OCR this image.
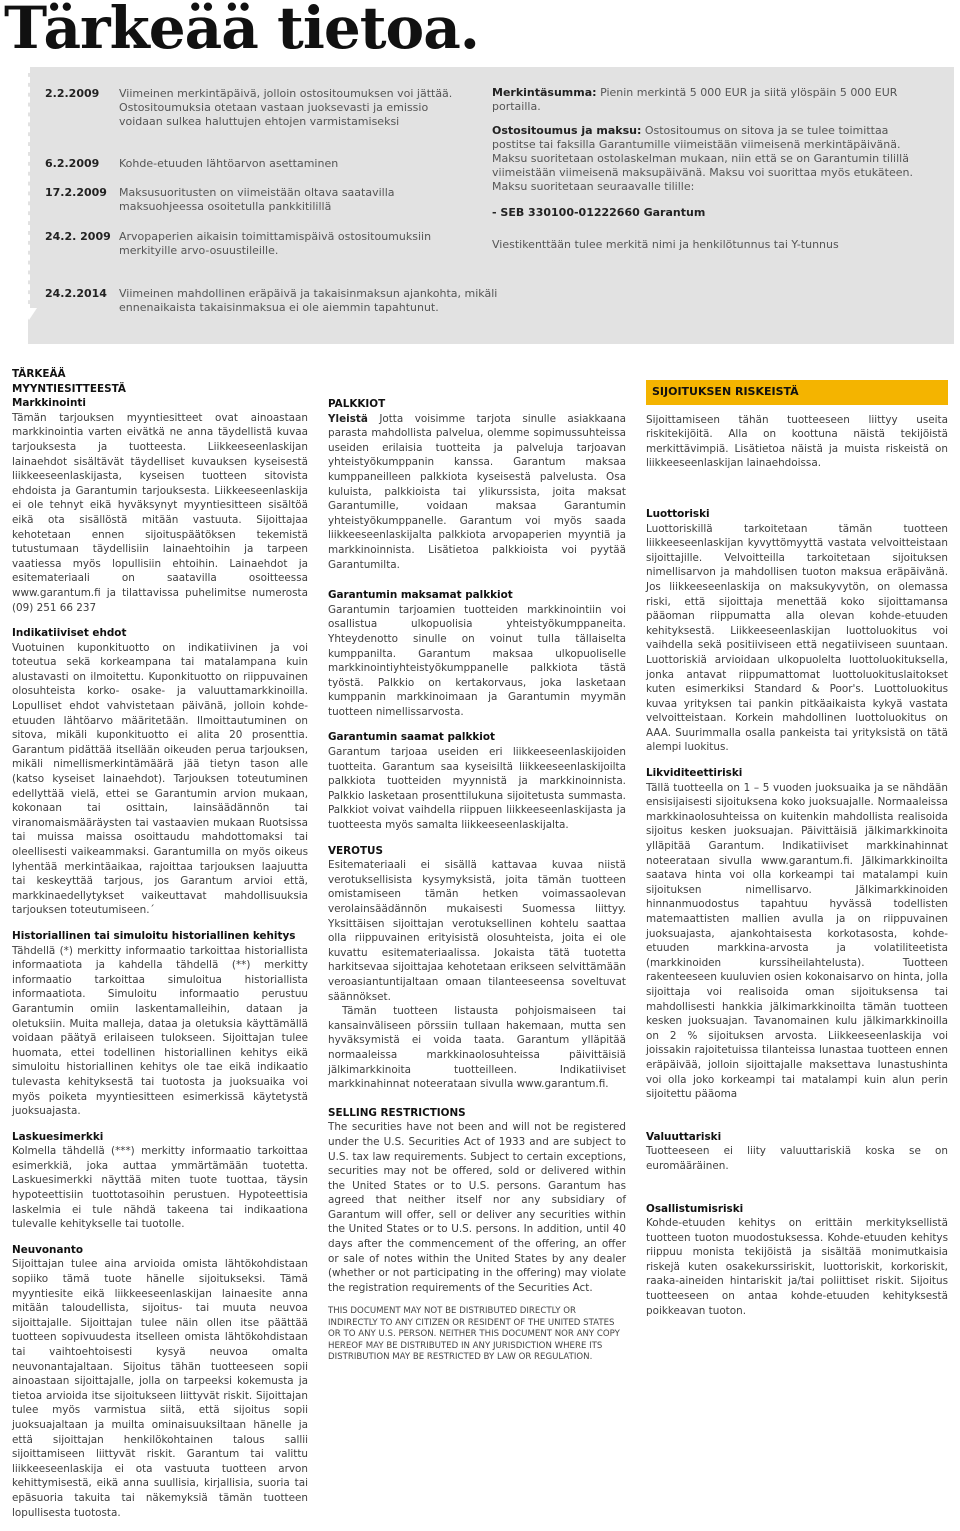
Tärkeää tietoa.
2.2.2009	Viimeinen merkintäpäivä, jolloin ostositoumuksen voi jättää. Ostositoumuksia otetaan vastaan juoksevasti ja emissio voidaan sulkea haluttujen ehtojen varmistamiseksi
6.2.2009	Kohde-etuuden lähtöarvon asettaminen
17.2.2009	Maksusuoritusten on viimeistään oltava saatavilla maksuohjeessa osoitetulla pankkitilillä
24.2. 2009 Arvopaperien aikaisin toimittamispäivä ostositoumuksiin merkityille arvo-osuustileille.
24.2.2014	Viimeinen mahdollinen eräpäivä ja takaisinmaksun ajankohta, mikäli ennenaikaista takaisinmaksua ei ole aiemmin tapahtunut.

Merkintäsumma: Pienin merkintä 5 000 EUR ja siitä ylöspäin 5 000 EUR portailla.

Ostositoumus ja maksu: Ostositoumus on sitova ja se tulee toimittaa postitse tai faksilla Garantumille viimeistään viimeisenä merkintäpäivänä. Maksu suoritetaan ostolaskelman mukaan, niin että se on Garantumin tilillä viimeistään viimeisenä maksupäivänä. Maksu voi suorittaa myös etukäteen. Maksu suoritetaan seuraavalle tilille:

- SEB 330100-01222660 Garantum

Viestikenttään tulee merkitä nimi ja henkilötunnus tai Y-tunnus

TÄRKEÄÄ
MYYNTIESITTEESTÄ

Markkinointi
Tämän tarjouksen myyntiesitteet ovat ainoastaan markkinointia varten eivätkä ne anna täydellistä kuvaa tarjouksesta ja tuotteesta. Liikkeeseenlaskijan lainaehdot sisältävät täydelliset kuvauksen kyseisestä liikkeeseenlaskijasta, kyseisen tuotteen sitovista ehdoista ja Garantumin tarjouksesta. Liikkeeseenlaskija ei ole tehnyt eikä hyväksynyt myyntiesitteen sisältöä eikä ota sisällöstä mitään vastuuta. Sijoittajaa kehotetaan ennen sijoituspäätöksen tekemistä tutustumaan täydellisiin lainaehtoihin ja tarpeen vaatiessa myös lopullisiin ehtoihin. Lainaehdot ja esitemateriaali on saatavilla osoitteessa www.garantum.fi ja tilattavissa puhelimitse numerosta (09) 251 66 237

Indikatiiviset ehdot
Vuotuinen kuponkituotto on indikatiivinen ja voi toteutua sekä korkeampana tai matalampana kuin alustavasti on ilmoitettu. Kuponkituotto on riippuvainen olosuhteista korko- osake- ja valuuttamarkkinoilla. Lopulliset ehdot vahvistetaan päivänä, jolloin kohde-etuuden lähtöarvo määritetään. Ilmoittautuminen on sitova, mikäli kuponkituotto ei alita 20 prosenttia. Garantum pidättää itsellään oikeuden perua tarjouksen, mikäli nimellismerkintämäärä jää tietyn tason alle (katso kyseiset lainaehdot). Tarjouksen toteutuminen edellyttää vielä, ettei se Garantumin arvion mukaan, kokonaan tai osittain, lainsäädännön tai viranomaismääräysten tai vastaavien mukaan Ruotsissa tai muissa maissa osoittaudu mahdottomaksi tai oleellisesti vaikeammaksi. Garantumilla on myös oikeus lyhentää merkintäaikaa, rajoittaa tarjouksen laajuutta tai keskeyttää tarjous, jos Garantum arvioi että, markkinaedellytykset vaikeuttavat mahdollisuuksia tarjouksen toteutumiseen.´

Historiallinen tai simuloitu historiallinen kehitys
Tähdellä (*) merkitty informaatio tarkoittaa historiallista informaatiota ja kahdella tähdellä (**) merkitty informaatio tarkoittaa simuloitua historiallista informaatiota. Simuloitu informaatio perustuu Garantumin omiin laskentamalleihin, dataan ja oletuksiin. Muita malleja, dataa ja oletuksia käyttämällä voidaan päätyä erilaiseen tulokseen. Sijoittajan tulee huomata, ettei todellinen historiallinen kehitys eikä simuloitu historiallinen kehitys ole tae eikä indikaatio tulevasta kehityksestä tai tuotosta ja juoksuaika voi myös poiketa myyntiesitteen esimerkissä käytetystä juoksuajasta.

Laskuesimerkki
Kolmella tähdellä (***) merkitty informaatio tarkoittaa esimerkkiä, joka auttaa ymmärtämään tuotetta. Laskuesimerkki näyttää miten tuote tuottaa, täysin hypoteettisiin tuottotasoihin perustuen. Hypoteettisia laskelmia ei tule nähdä takeena tai indikaationa tulevalle kehitykselle tai tuotolle.

Neuvonanto
Sijoittajan tulee aina arvioida omista lähtökohdistaan sopiiko tämä tuote hänelle sijoitukseksi. Tämä myyntiesite eikä liikkeeseenlaskijan lainaesite anna mitään taloudellista, sijoitus- tai muuta neuvoa sijoittajalle. Sijoittajan tulee näin ollen itse päättää tuotteen sopivuudesta itselleen omista lähtökohdistaan tai vaihtoehtoisesti kysyä neuvoa omalta neuvonantajaltaan. Sijoitus tähän tuotteeseen sopii ainoastaan sijoittajalle, jolla on tarpeeksi kokemusta ja tietoa arvioida itse sijoitukseen liittyvät riskit. Sijoittajan tulee myös varmistua siitä, että sijoitus sopii juoksuajaltaan ja muilta ominaisuuksiltaan hänelle ja että sijoittajan henkilökohtainen talous sallii sijoittamiseen liittyvät riskit. Garantum tai valittu liikkeeseenlaskija ei ota vastuuta tuotteen arvon kehittymisestä, eikä anna suullisia, kirjallisia, suoria tai epäsuoria takuita tai näkemyksiä tämän tuotteen lopullisesta tuotosta.

PALKKIOT
Yleistä Jotta voisimme tarjota sinulle asiakkaana parasta mahdollista palvelua, olemme sopimussuhteissa useiden erilaisia tuotteita ja palveluja tarjoavan yhteistyökumppanin kanssa. Garantum maksaa kumppaneilleen palkkiota kyseisestä palvelusta. Osa kuluista, palkkioista tai ylikurssista, joita maksat Garantumille, voidaan maksaa Garantumin yhteistyökumppanelle. Garantum voi myös saada liikkeeseenlaskijalta palkkiota arvopaperien myyntiä ja markkinoinnista. Lisätietoa palkkioista voi pyytää Garantumilta.

Garantumin maksamat palkkiot
Garantumin tarjoamien tuotteiden markkinointiin voi osallistua ulkopuolisia yhteistyökumppaneita. Yhteydenotto sinulle on voinut tulla tällaiselta kumppanilta. Garantum maksaa ulkopuoliselle markkinointiyhteistyökumppanelle palkkiota tästä työstä. Palkkio on kertakorvaus, joka lasketaan kumppanin markkinoimaan ja Garantumin myymän tuotteen nimellissarvosta.

Garantumin saamat palkkiot
Garantum tarjoaa useiden eri liikkeeseenlaskijoiden tuotteita. Garantum saa kyseisiltä liikkeeseenlaskijoilta palkkiota tuotteiden myynnistä ja markkinoinnista. Palkkio lasketaan prosenttilukuna sijoitetusta summasta. Palkkiot voivat vaihdella riippuen liikkeeseenlaskijasta ja tuotteesta myös samalta liikkeeseenlaskijalta.

VEROTUS
Esitemateriaali ei sisällä kattavaa kuvaa niistä verotuksellisista kysymyksistä, joita tämän tuotteen omistamiseen tämän hetken voimassaolevan verolainsäädännön mukaisesti Suomessa liittyy. Yksittäisen sijoittajan verotuksellinen kohtelu saattaa olla riippuvainen erityisistä olosuhteista, joita ei ole kuvattu esitemateriaalissa. Jokaista tätä tuotetta harkitsevaa sijoittajaa kehotetaan erikseen selvittämään veroasiantuntijaltaan omaan tilanteeseensa soveltuvat säännökset.

Tämän tuotteen listausta pohjoismaiseen tai kansainväliseen pörssiin tullaan hakemaan, mutta sen hyväksymistä ei voida taata. Garantum ylläpitää normaaleissa markkinaolosuhteissa päivittäisiä jälkimarkkinoita tuotteilleen. Indikatiiviset markkinahinnat noteerataan sivulla www.garantum.fi.

SELLING RESTRICTIONS
The securities have not been and will not be registered under the U.S. Securities Act of 1933 and are subject to U.S. tax law requirements. Subject to certain exceptions, securities may not be offered, sold or delivered within the United States or to U.S. persons. Garantum has agreed that neither itself nor any subsidiary of Garantum will offer, sell or deliver any securities within the United States or to U.S. persons. In addition, until 40 days after the commencement of the offering, an offer or sale of notes within the United States by any dealer (whether or not participating in the offering) may violate the registration requirements of the Securities Act.

THIS DOCUMENT MAY NOT BE DISTRIBUTED DIRECTLY OR INDIRECTLY TO ANY CITIZEN OR RESIDENT OF THE UNITED STATES OR TO ANY U.S. PERSON. NEITHER THIS DOCUMENT NOR ANY COPY HEREOF MAY BE DISTRIBUTED IN ANY JURISDICTION WHERE ITS DISTRIBUTION MAY BE RESTRICTED BY LAW OR REGULATION.

SIJOITUKSEN RISKEISTÄ

Sijoittamiseen tähän tuotteeseen liittyy useita riskitekijöitä. Alla on koottuna näistä tekijöistä merkittävimpiä. Lisätietoa näistä ja muista riskeistä on liikkeeseenlaskijan lainaehdoissa.

Luottoriski
Luottoriskillä tarkoitetaan tämän tuotteen liikkeeseenlaskijan kyvyttömyyttä vastata velvoitteistaan sijoittajille. Velvoitteilla tarkoitetaan sijoituksen nimellisarvon ja mahdollisen tuoton maksua eräpäivänä. Jos liikkeeseenlaskija on maksukyvytön, on olemassa riski, että sijoittaja menettää koko sijoittamansa pääoman riippumatta alla olevan kohde-etuuden kehityksestä. Liikkeeseenlaskijan luottoluokitus voi vaihdella sekä positiiviseen että negatiiviseen suuntaan. Luottoriskiä arvioidaan ulkopuolelta luottoluokituksella, jonka antavat riippumattomat luottoluokituslaitokset kuten esimerkiksi Standard & Poor's. Luottoluokitus kuvaa yrityksen tai pankin pitkäaikaista kykyä vastata velvoitteistaan. Korkein mahdollinen luottoluokitus on AAA. Suurimmalla osalla pankeista tai yrityksistä on tätä alempi luokitus.

Likviditeettiriski
Tällä tuotteella on 1 – 5 vuoden juoksuaika ja se nähdään ensisijaisesti sijoituksena koko juoksuajalle. Normaaleissa markkinaolosuhteissa on kuitenkin mahdollista realisoida sijoitus kesken juoksuajan. Päivittäisiä jälkimarkkinoita ylläpitää Garantum. Indikatiiviset markkinahinnat noteerataan sivulla www.garantum.fi. Jälkimarkkinoilta saatava hinta voi olla korkeampi tai matalampi kuin sijoituksen nimellisarvo. Jälkimarkkinoiden hinnanmuodostus tapahtuu hyvässä todellisten matemaattisten mallien avulla ja on riippuvainen juoksuajasta, ajankohtaisesta korkotasosta, kohde-etuuden markkina-arvosta ja volatiliteetista (markkinoiden kurssiheilahtelusta). Tuotteen rakenteeseen kuuluvien osien kokonaisarvo on hinta, jolla sijoittaja voi realisoida oman sijoituksensa tai mahdollisesti hankkia jälkimarkkinoilta tämän tuotteen kesken juoksuajan. Tavanomainen kulu jälkimarkkinoilla on 2 % sijoituksen arvosta. Liikkeeseenlaskija voi joissakin rajoitetuissa tilanteissa lunastaa tuotteen ennen eräpäivää, jolloin sijoittajalle maksettava lunastushinta voi olla joko korkeampi tai matalampi kuin alun perin sijoitettu pääoma

Valuuttariski
Tuotteeseen ei liity valuuttariskiä koska se on euromääräinen.

Osallistumisriski
Kohde-etuuden kehitys on erittäin merkityksellistä tuotteen tuoton muodostuksessa. Kohde-etuuden kehitys riippuu monista tekijöistä ja sisältää monimutkaisia riskejä kuten osakekurssiriskit, luottoriskit, korkoriskit, raaka-aineiden hintariskit ja/tai poliittiset riskit. Sijoitus tuotteeseen on antaa kohde-etuuden kehityksestä poikkeavan tuoton.
